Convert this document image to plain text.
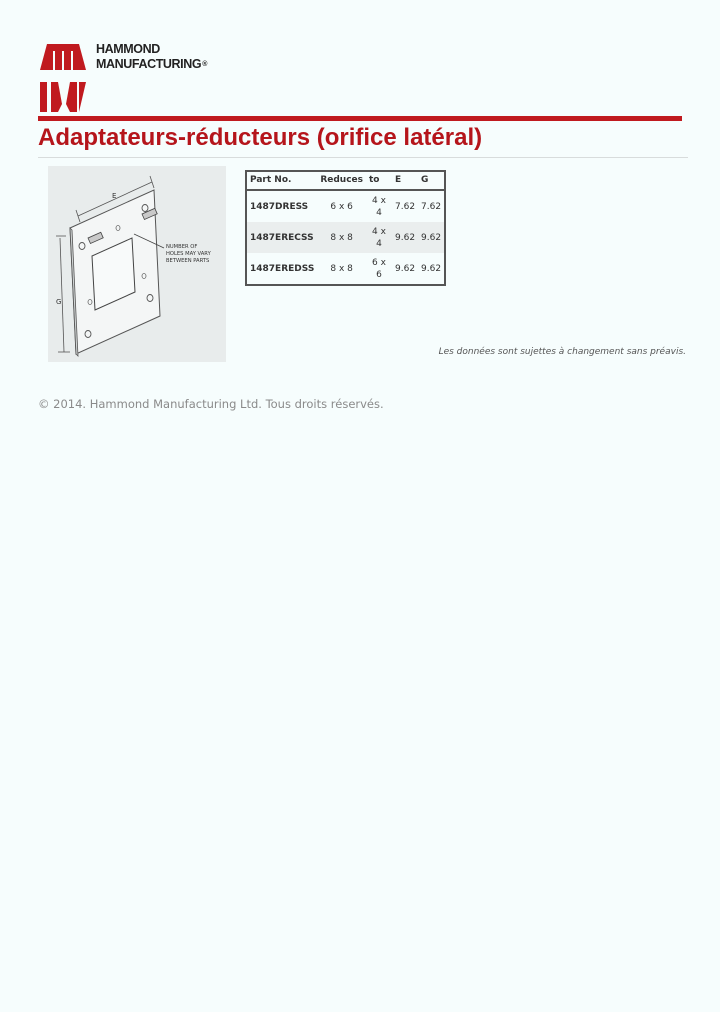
HAMMOND
MANUFACTURING®
Adaptateurs-réducteurs (orifice latéral)
E
G
NUMBER OF HOLES MAY VARY BETWEEN PARTS
Part No.	Reduces	to	E	G
1487DRESS	6 x 6	4 x 4	7.62	7.62
1487ERECSS	8 x 8	4 x 4	9.62	9.62
1487EREDSS	8 x 8	6 x 6	9.62	9.62
Les données sont sujettes à changement sans préavis.
© 2014. Hammond Manufacturing Ltd. Tous droits réservés.
